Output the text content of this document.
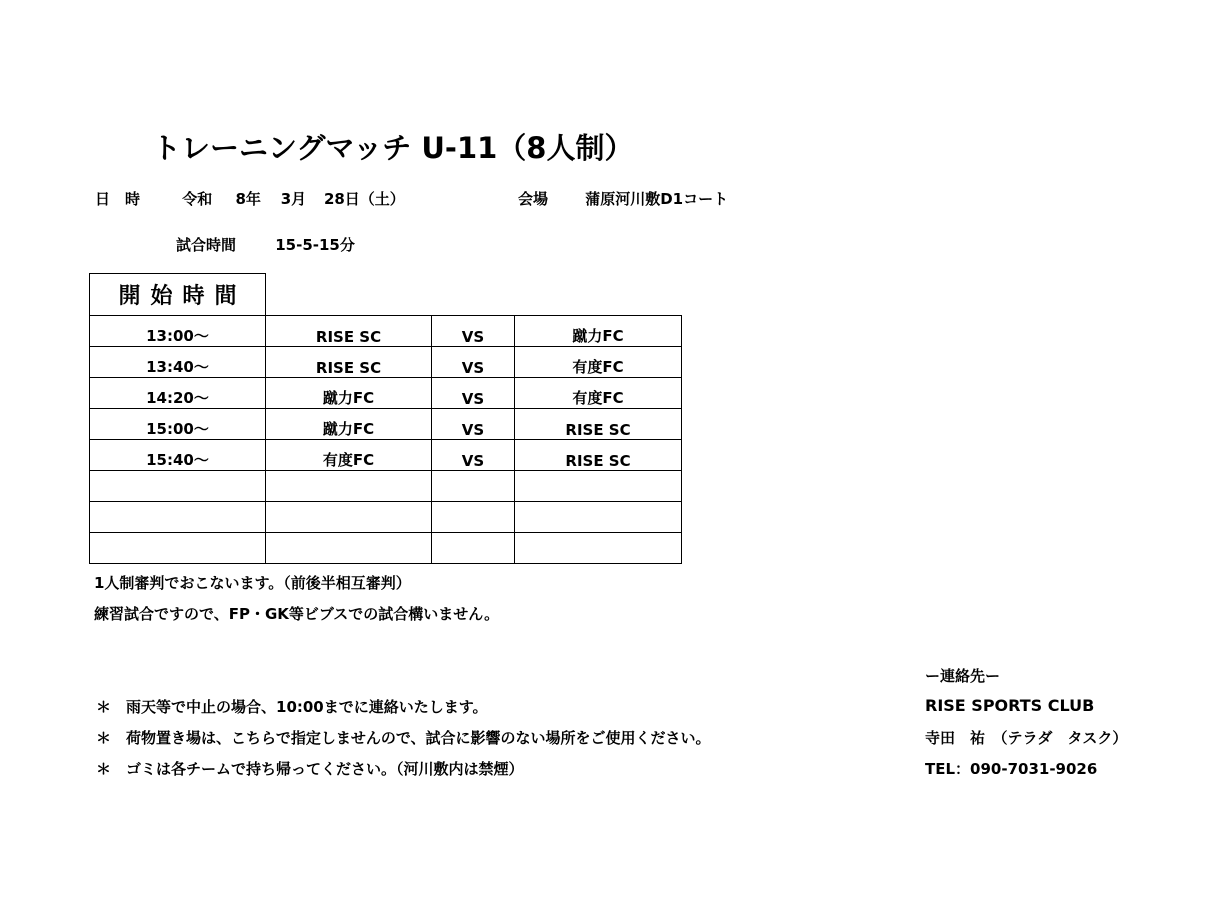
トレーニングマッチ U-11（8人制）
日　時	令和 8年 3月 28日（土）	会場 蒲原河川敷D1コート
試合時間	15-5-15分
開始時間			
13:00～	RISE SC	VS	蹴力FC
13:40～	RISE SC	VS	有度FC
14:20～	蹴力FC	VS	有度FC
15:00～	蹴力FC	VS	RISE SC
15:40～	有度FC	VS	RISE SC

1人制審判でおこないます。（前後半相互審判）
練習試合ですので、FP・GK等ビブスでの試合構いません。
＊　雨天等で中止の場合、10:00までに連絡いたします。
＊　荷物置き場は、こちらで指定しませんので、試合に影響のない場所をご使用ください。
＊　ゴミは各チームで持ち帰ってください。（河川敷内は禁煙）
ー連絡先ー
RISE SPORTS CLUB
寺田　祐　（テラダ　タスク）
TEL：090-7031-9026
